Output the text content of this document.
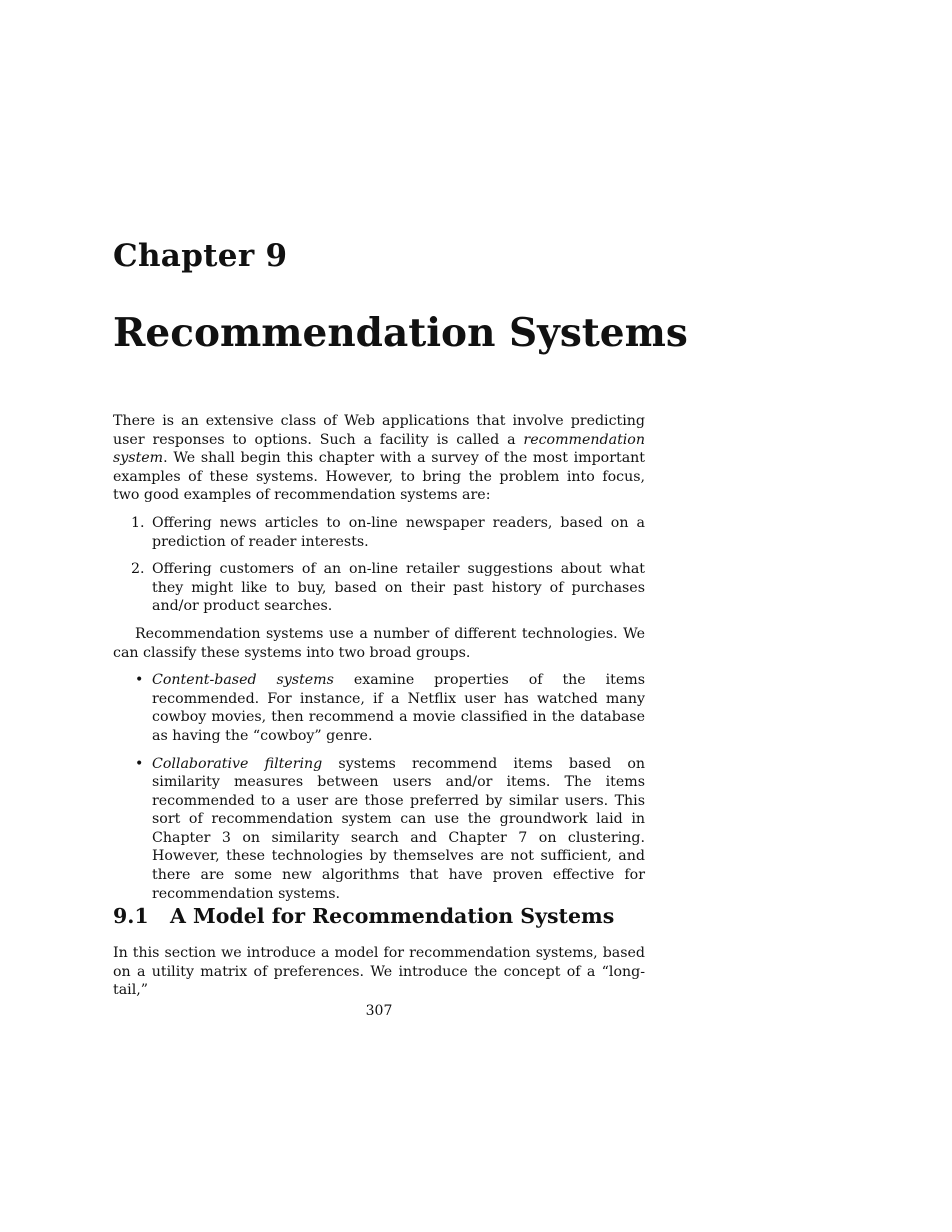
Chapter 9
Recommendation Systems

There is an extensive class of Web applications that involve predicting user responses to options. Such a facility is called a recommendation system. We shall begin this chapter with a survey of the most important examples of these systems. However, to bring the problem into focus, two good examples of recommendation systems are:

1. Offering news articles to on-line newspaper readers, based on a prediction of reader interests.
2. Offering customers of an on-line retailer suggestions about what they might like to buy, based on their past history of purchases and/or product searches.

Recommendation systems use a number of different technologies. We can classify these systems into two broad groups.

• Content-based systems examine properties of the items recommended. For instance, if a Netflix user has watched many cowboy movies, then recommend a movie classified in the database as having the “cowboy” genre.
• Collaborative filtering systems recommend items based on similarity measures between users and/or items. The items recommended to a user are those preferred by similar users. This sort of recommendation system can use the groundwork laid in Chapter 3 on similarity search and Chapter 7 on clustering. However, these technologies by themselves are not sufficient, and there are some new algorithms that have proven effective for recommendation systems.
9.1 A Model for Recommendation Systems

In this section we introduce a model for recommendation systems, based on a utility matrix of preferences. We introduce the concept of a “long-tail,”

307
